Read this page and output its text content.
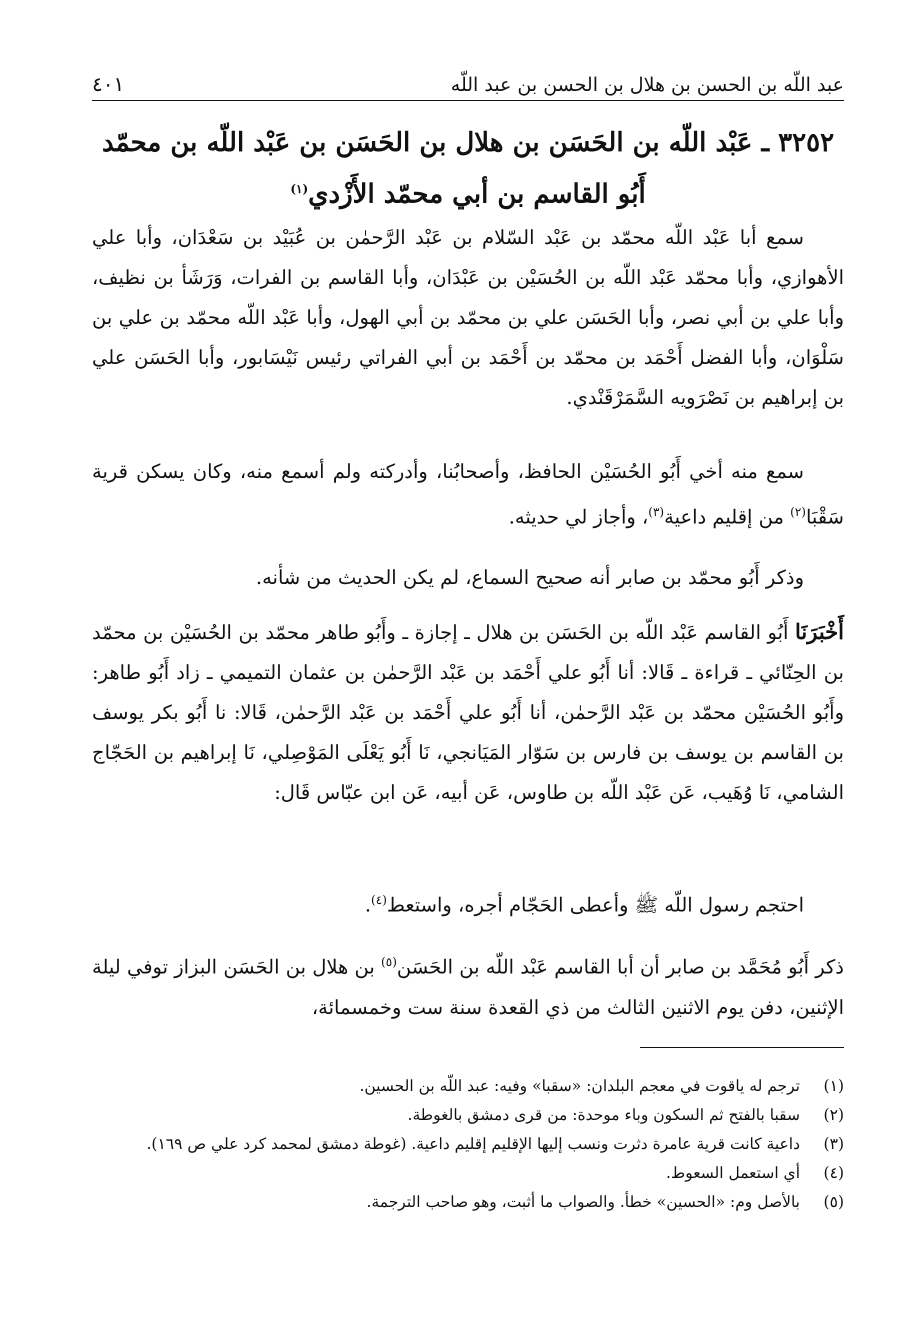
عبد اللّه بن الحسن بن هلال بن الحسن بن عبد اللّه
٤٠١
٣٢٥٢ ـ عَبْد اللّه بن الحَسَن بن هلال بن الحَسَن بن عَبْد اللّه بن محمّد
أَبُو القاسم بن أبي محمّد الأَزْدي$^{(١)}$

سمع أبا عَبْد اللّه محمّد بن عَبْد السّلام بن عَبْد الرَّحمٰن بن عُبَيْد بن سَعْدَان، وأبا علي الأهوازي، وأبا محمّد عَبْد اللّه بن الحُسَيْن بن عَبْدَان، وأبا القاسم بن الفرات، وَرَشَأ بن نظيف، وأبا علي بن أبي نصر، وأبا الحَسَن علي بن محمّد بن أبي الهول، وأبا عَبْد اللّه محمّد بن علي بن سَلْوَان، وأبا الفضل أَحْمَد بن محمّد بن أَحْمَد بن أبي الفراتي رئيس نَيْسَابور، وأبا الحَسَن علي بن إبراهيم بن نَصْرَويه السَّمَرْقَنْدي.

سمع منه أخي أَبُو الحُسَيْن الحافظ، وأصحابُنا، وأدركته ولم أسمع منه، وكان يسكن قرية سَقْبَا$^{(٢)}$ من إقليم داعية$^{(٣)}$، وأجاز لي حديثه.

وذكر أَبُو محمّد بن صابر أنه صحيح السماع، لم يكن الحديث من شأنه.

أَخْبَرَنَا أَبُو القاسم عَبْد اللّه بن الحَسَن بن هلال ـ إجازة ـ وأَبُو طاهر محمّد بن الحُسَيْن بن محمّد بن الحِنّائي ـ قراءة ـ قَالا: أنا أَبُو علي أَحْمَد بن عَبْد الرَّحمٰن بن عثمان التميمي ـ زاد أَبُو طاهر: وأَبُو الحُسَيْن محمّد بن عَبْد الرَّحمٰن، أنا أَبُو علي أَحْمَد بن عَبْد الرَّحمٰن، قَالا: نا أَبُو بكر يوسف بن القاسم بن يوسف بن فارس بن سَوّار المَيَانجي، نَا أَبُو يَعْلَى المَوْصِلي، نَا إبراهيم بن الحَجّاج الشامي، نَا وُهَيب، عَن عَبْد اللّه بن طاوس، عَن أبيه، عَن ابن عبّاس قَال:

احتجم رسول اللّه ﷺ وأعطى الحَجّام أجره، واستعط$^{(٤)}$.

ذكر أَبُو مُحَمَّد بن صابر أن أبا القاسم عَبْد اللّه بن الحَسَن$^{(٥)}$ بن هلال بن الحَسَن البزاز توفي ليلة الإثنين، دفن يوم الاثنين الثالث من ذي القعدة سنة ست وخمسمائة،

(١)
ترجم له ياقوت في معجم البلدان: «سقبا» وفيه: عبد اللّه بن الحسين.
(٢)
سقبا بالفتح ثم السكون وباء موحدة: من قرى دمشق بالغوطة.
(٣)
داعية كانت قرية عامرة دثرت ونسب إليها الإقليم إقليم داعية. (غوطة دمشق لمحمد كرد علي ص ١٦٩).
(٤)
أي استعمل السعوط.
(٥)
بالأصل وم: «الحسين» خطأ. والصواب ما أثبت، وهو صاحب الترجمة.
